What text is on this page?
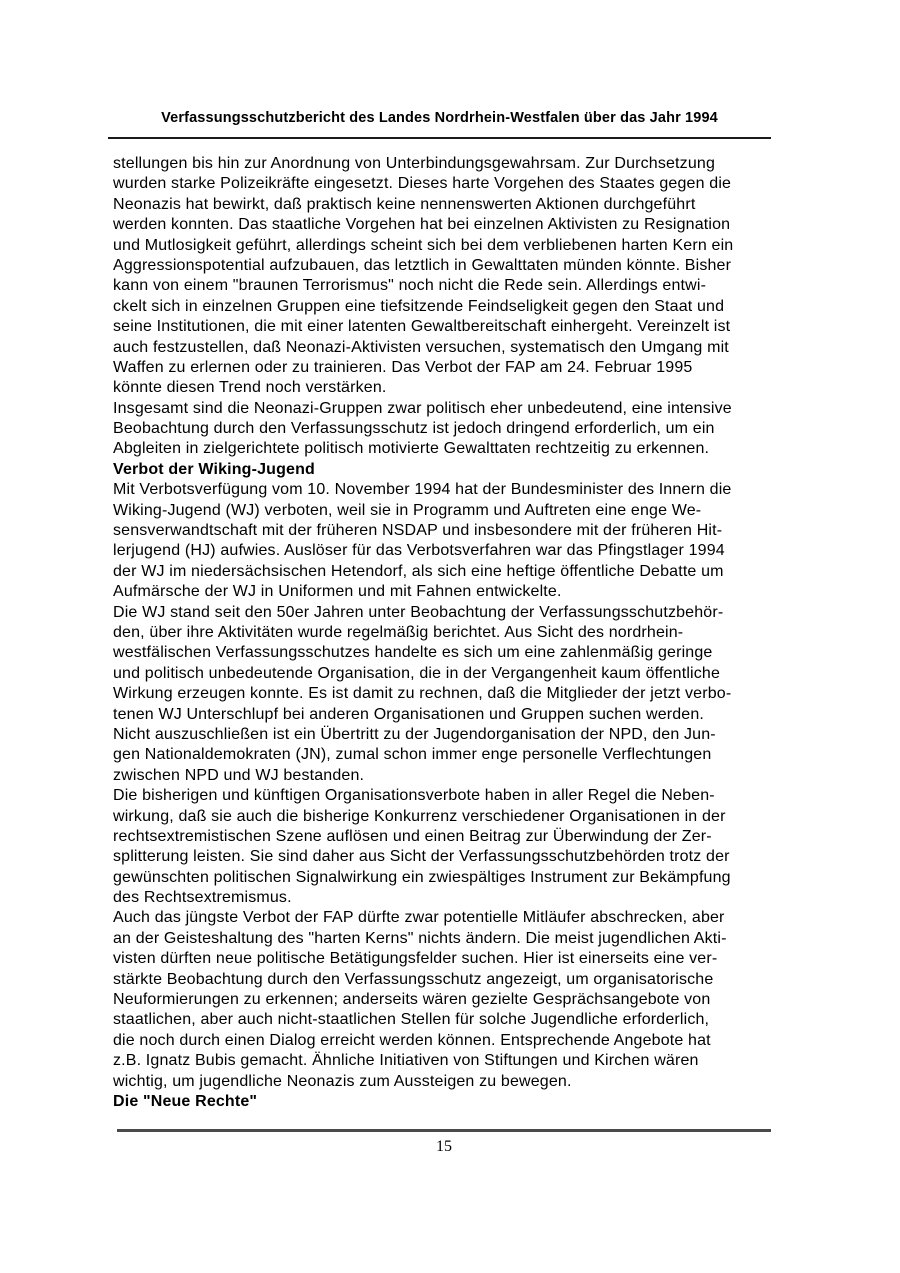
Verfassungsschutzbericht des Landes Nordrhein-Westfalen über das Jahr 1994
stellungen bis hin zur Anordnung von Unterbindungsgewahrsam. Zur Durchsetzung
wurden starke Polizeikräfte eingesetzt. Dieses harte Vorgehen des Staates gegen die
Neonazis hat bewirkt, daß praktisch keine nennenswerten Aktionen durchgeführt
werden konnten. Das staatliche Vorgehen hat bei einzelnen Aktivisten zu Resignation
und Mutlosigkeit geführt, allerdings scheint sich bei dem verbliebenen harten Kern ein
Aggressionspotential aufzubauen, das letztlich in Gewalttaten münden könnte. Bisher
kann von einem "braunen Terrorismus" noch nicht die Rede sein. Allerdings entwi-
ckelt sich in einzelnen Gruppen eine tiefsitzende Feindseligkeit gegen den Staat und
seine Institutionen, die mit einer latenten Gewaltbereitschaft einhergeht. Vereinzelt ist
auch festzustellen, daß Neonazi-Aktivisten versuchen, systematisch den Umgang mit
Waffen zu erlernen oder zu trainieren. Das Verbot der FAP am 24. Februar 1995
könnte diesen Trend noch verstärken.
Insgesamt sind die Neonazi-Gruppen zwar politisch eher unbedeutend, eine intensive
Beobachtung durch den Verfassungsschutz ist jedoch dringend erforderlich, um ein
Abgleiten in zielgerichtete politisch motivierte Gewalttaten rechtzeitig zu erkennen.
Verbot der Wiking-Jugend
Mit Verbotsverfügung vom 10. November 1994 hat der Bundesminister des Innern die
Wiking-Jugend (WJ) verboten, weil sie in Programm und Auftreten eine enge We-
sensverwandtschaft mit der früheren NSDAP und insbesondere mit der früheren Hit-
lerjugend (HJ) aufwies. Auslöser für das Verbotsverfahren war das Pfingstlager 1994
der WJ im niedersächsischen Hetendorf, als sich eine heftige öffentliche Debatte um
Aufmärsche der WJ in Uniformen und mit Fahnen entwickelte.
Die WJ stand seit den 50er Jahren unter Beobachtung der Verfassungsschutzbehör-
den, über ihre Aktivitäten wurde regelmäßig berichtet. Aus Sicht des nordrhein-
westfälischen Verfassungsschutzes handelte es sich um eine zahlenmäßig geringe
und politisch unbedeutende Organisation, die in der Vergangenheit kaum öffentliche
Wirkung erzeugen konnte. Es ist damit zu rechnen, daß die Mitglieder der jetzt verbo-
tenen WJ Unterschlupf bei anderen Organisationen und Gruppen suchen werden.
Nicht auszuschließen ist ein Übertritt zu der Jugendorganisation der NPD, den Jun-
gen Nationaldemokraten (JN), zumal schon immer enge personelle Verflechtungen
zwischen NPD und WJ bestanden.
Die bisherigen und künftigen Organisationsverbote haben in aller Regel die Neben-
wirkung, daß sie auch die bisherige Konkurrenz verschiedener Organisationen in der
rechtsextremistischen Szene auflösen und einen Beitrag zur Überwindung der Zer-
splitterung leisten. Sie sind daher aus Sicht der Verfassungsschutzbehörden trotz der
gewünschten politischen Signalwirkung ein zwiespältiges Instrument zur Bekämpfung
des Rechtsextremismus.
Auch das jüngste Verbot der FAP dürfte zwar potentielle Mitläufer abschrecken, aber
an der Geisteshaltung des "harten Kerns" nichts ändern. Die meist jugendlichen Akti-
visten dürften neue politische Betätigungsfelder suchen. Hier ist einerseits eine ver-
stärkte Beobachtung durch den Verfassungsschutz angezeigt, um organisatorische
Neuformierungen zu erkennen; anderseits wären gezielte Gesprächsangebote von
staatlichen, aber auch nicht-staatlichen Stellen für solche Jugendliche erforderlich,
die noch durch einen Dialog erreicht werden können. Entsprechende Angebote hat
z.B. Ignatz Bubis gemacht. Ähnliche Initiativen von Stiftungen und Kirchen wären
wichtig, um jugendliche Neonazis zum Aussteigen zu bewegen.
Die "Neue Rechte"
15
